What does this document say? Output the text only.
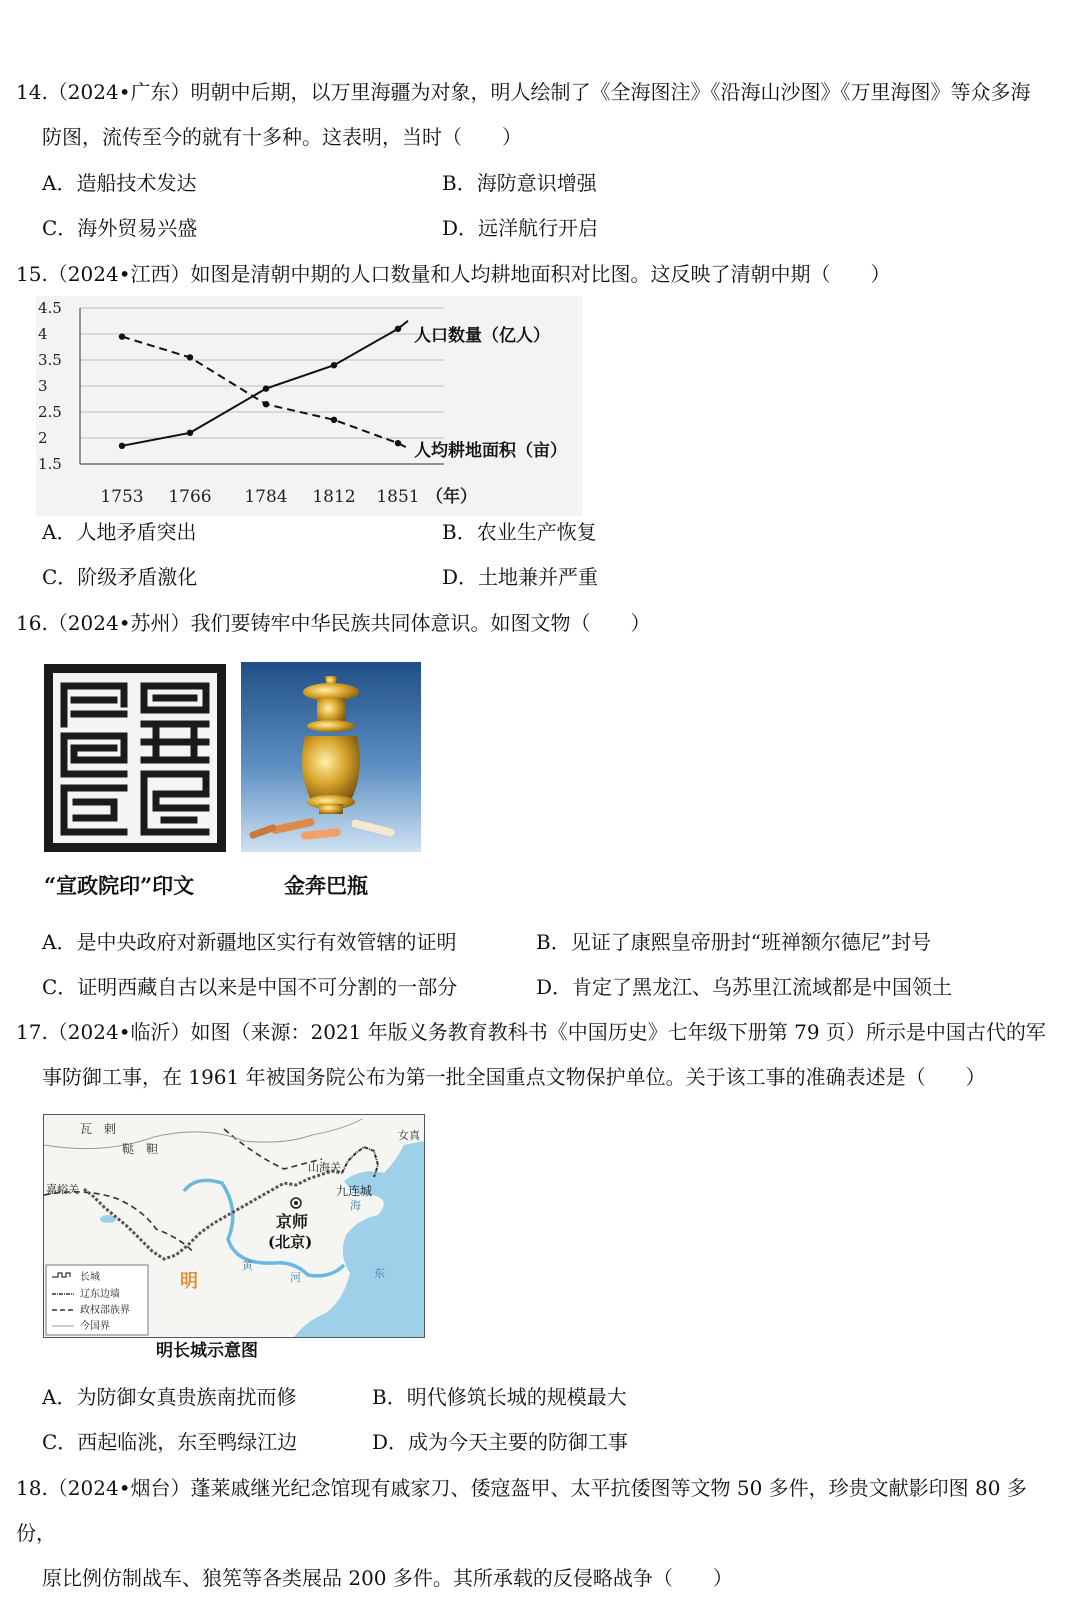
14.（2024•广东）明朝中后期，以万里海疆为对象，明人绘制了《全海图注》《沿海山沙图》《万里海图》等众多海
防图，流传至今的就有十多种。这表明，当时（　　）
A．造船技术发达	B．海防意识增强
C．海外贸易兴盛	D．远洋航行开启
15.（2024•江西）如图是清朝中期的人口数量和人均耕地面积对比图。这反映了清朝中期（　　）
4.5
4
3.5
3
2.5
2
1.5
1753 1766 1784 1812 1851 （年）
人口数量（亿人）
人均耕地面积（亩）
A．人地矛盾突出	B．农业生产恢复
C．阶级矛盾激化	D．土地兼并严重
16.（2024•苏州）我们要铸牢中华民族共同体意识。如图文物（　　）
“宣政院印”印文	金奔巴瓶
A．是中央政府对新疆地区实行有效管辖的证明	B．见证了康熙皇帝册封“班禅额尔德尼”封号
C．证明西藏自古以来是中国不可分割的一部分	D．肯定了黑龙江、乌苏里江流域都是中国领土
17.（2024•临沂）如图（来源：2021 年版义务教育教科书《中国历史》七年级下册第 79 页）所示是中国古代的军
事防御工事，在 1961 年被国务院公布为第一批全国重点文物保护单位。关于该工事的准确表述是（　　）
瓦　剌
鞑　靼
女真
嘉峪关
山海关
九连城
京师
(北京)
明
海
东
黄
河
长城
辽东边墙
政权部族界
今国界
明长城示意图
A．为防御女真贵族南扰而修	B．明代修筑长城的规模最大
C．西起临洮，东至鸭绿江边	D．成为今天主要的防御工事
18.（2024•烟台）蓬莱戚继光纪念馆现有戚家刀、倭寇盔甲、太平抗倭图等文物 50 多件，珍贵文献影印图 80 多份，
原比例仿制战车、狼筅等各类展品 200 多件。其所承载的反侵略战争（　　）
